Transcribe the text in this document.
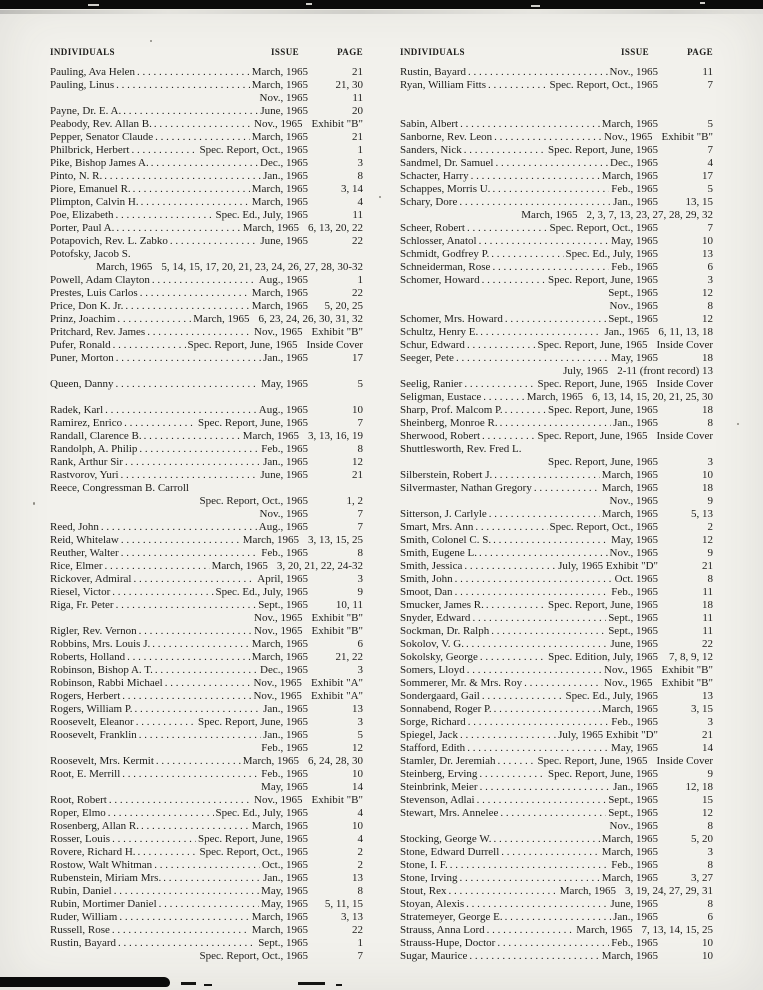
INDIVIDUALS	ISSUE	PAGE
Pauling, Ava Helen . . .	March, 1965	21
Pauling, Linus . . .	March, 1965	21, 30
Nov., 1965	11
Payne, Dr. E. A. . . .	June, 1965	20
Peabody, Rev. Allan B. . . .	Nov., 1965 Exhibit "B"
Pepper, Senator Claude . . .	March, 1965	21
Philbrick, Herbert . . .	Spec. Report, Oct., 1965	1
Pike, Bishop James A. . . .	Dec., 1965	3
Pinto, N. R. . . .	Jan., 1965	8
Piore, Emanuel R. . . .	March, 1965	3, 14
Plimpton, Calvin H. . . .	March, 1965	4
Poe, Elizabeth . . .	Spec. Ed., July, 1965	11
Porter, Paul A. . . .	March, 1965 6, 13, 20, 22
Potapovich, Rev. L. Zabko . . .	June, 1965	22
Potofsky, Jacob S.
March, 1965 5, 14, 15, 17, 20, 21, 23, 24, 26, 27, 28, 30-32
Powell, Adam Clayton . . .	Aug., 1965	1
Prestes, Luis Carlos . . .	March, 1965	22
Price, Don K. Jr. . . .	March, 1965	5, 20, 25
Prinz, Joachim . . .	March, 1965 6, 23, 24, 26, 30, 31, 32
Pritchard, Rev. James . . .	Nov., 1965 Exhibit "B"
Pufer, Ronald . . .	Spec. Report, June, 1965 Inside Cover
Puner, Morton . . .	Jan., 1965	17
Queen, Danny . . .	May, 1965	5
Radek, Karl . . .	Aug., 1965	10
Ramirez, Enrico . . .	Spec. Report, June, 1965	7
Randall, Clarence B. . . .	March, 1965 3, 13, 16, 19
Randolph, A. Philip . . .	Feb., 1965	8
Rank, Arthur Sir . . .	Jan., 1965	12
Rastvorov, Yuri . . .	June, 1965	21
Reece, Congressman B. Carroll
Spec. Report, Oct., 1965	1, 2
Nov., 1965	7
Reed, John . . .	Aug., 1965	7
Reid, Whitelaw . . .	March, 1965 3, 13, 15, 25
Reuther, Walter . . .	Feb., 1965	8
Rice, Elmer . . .	March, 1965 3, 20, 21, 22, 24-32
Rickover, Admiral . . .	April, 1965	3
Riesel, Victor . . .	Spec. Ed., July, 1965	9
Riga, Fr. Peter . . .	Sept., 1965	10, 11
Nov., 1965 Exhibit "B"
Rigler, Rev. Vernon . . .	Nov., 1965 Exhibit "B"
Robbins, Mrs. Louis J. . . .	March, 1965	6
Roberts, Holland . . .	March, 1965	21, 22
Robinson, Bishop A. T. . . .	Dec., 1965	3
Robinson, Rabbi Michael . . .	Nov., 1965 Exhibit "A"
Rogers, Herbert . . .	Nov., 1965 Exhibit "A"
Rogers, William P. . . .	Jan., 1965	13
Roosevelt, Eleanor . . .	Spec. Report, June, 1965	3
Roosevelt, Franklin . . .	Jan., 1965	5
Feb., 1965	12
Roosevelt, Mrs. Kermit . . .	March, 1965 6, 24, 28, 30
Root, E. Merrill . . .	Feb., 1965	10
May, 1965	14
Root, Robert . . .	Nov., 1965 Exhibit "B"
Roper, Elmo . . .	Spec. Ed., July, 1965	4
Rosenberg, Allan R. . . .	March, 1965	10
Rosser, Louis . . .	Spec. Report, June, 1965	4
Rovere, Richard H. . . .	Spec. Report, Oct., 1965	2
Rostow, Walt Whitman . . .	Oct., 1965	2
Rubenstein, Miriam Mrs. . . .	Jan., 1965	13
Rubin, Daniel . . .	May, 1965	8
Rubin, Mortimer Daniel . . .	May, 1965	5, 11, 15
Ruder, William . . .	March, 1965	3, 13
Russell, Rose . . .	March, 1965	22
Rustin, Bayard . . .	Sept., 1965	1
Spec. Report, Oct., 1965	7
INDIVIDUALS	ISSUE	PAGE
Rustin, Bayard . . .	Nov., 1965	11
Ryan, William Fitts . . .	Spec. Report, Oct., 1965	7
Sabin, Albert . . .	March, 1965	5
Sanborne, Rev. Leon . . .	Nov., 1965 Exhibit "B"
Sanders, Nick . . .	Spec. Report, June, 1965	7
Sandmel, Dr. Samuel . . .	Dec., 1965	4
Schacter, Harry . . .	March, 1965	17
Schappes, Morris U. . . .	Feb., 1965	5
Schary, Dore . . .	Jan., 1965	13, 15
March, 1965 2, 3, 7, 13, 23, 27, 28, 29, 32
Scheer, Robert . . .	Spec. Report, Oct., 1965	7
Schlosser, Anatol . . .	May, 1965	10
Schmidt, Godfrey P. . . .	Spec. Ed., July, 1965	13
Schneiderman, Rose . . .	Feb., 1965	6
Schomer, Howard . . .	Spec. Report, June, 1965	3
Sept., 1965	12
Nov., 1965	8
Schomer, Mrs. Howard . . .	Sept., 1965	12
Schultz, Henry E. . . .	Jan., 1965 6, 11, 13, 18
Schur, Edward . . .	Spec. Report, June, 1965 Inside Cover
Seeger, Pete . . .	May, 1965	18
July, 1965 2-11 (front record) 13
Seelig, Ranier . . .	Spec. Report, June, 1965 Inside Cover
Seligman, Eustace . . .	March, 1965 6, 13, 14, 15, 20, 21, 25, 30
Sharp, Prof. Malcom P. . . .	Spec. Report, June, 1965	18
Sheinberg, Monroe R. . . .	Jan., 1965	8
Sherwood, Robert . . .	Spec. Report, June, 1965 Inside Cover
Shuttlesworth, Rev. Fred L.
Spec. Report, June, 1965	3
Silberstein, Robert J. . . .	March, 1965	10
Silvermaster, Nathan Gregory . . .	March, 1965	18
Nov., 1965	9
Sitterson, J. Carlyle . . .	March, 1965	5, 13
Smart, Mrs. Ann . . .	Spec. Report, Oct., 1965	2
Smith, Colonel C. S. . . .	May, 1965	12
Smith, Eugene L. . . .	Nov., 1965	9
Smith, Jessica . . .	July, 1965 Exhibit "D"	21
Smith, John . . .	Oct. 1965	8
Smoot, Dan . . .	Feb., 1965	11
Smucker, James R. . . .	Spec. Report, June, 1965	18
Snyder, Edward . . .	Sept., 1965	11
Sockman, Dr. Ralph . . .	Sept., 1965	11
Sokolov, V. G. . . .	June, 1965	22
Sokolsky, George . . .	Spec. Edition, July, 1965 7, 8, 9, 12
Somers, Lloyd . . .	Nov., 1965 Exhibit "B"
Sommerer, Mr. & Mrs. Roy . . .	Nov., 1965 Exhibit "B"
Sondergaard, Gail . . .	Spec. Ed., July, 1965	13
Sonnabend, Roger P. . . .	March, 1965	3, 15
Sorge, Richard . . .	Feb., 1965	3
Spiegel, Jack . . .	July, 1965 Exhibit "D"	21
Stafford, Edith . . .	May, 1965	14
Stamler, Dr. Jeremiah . . .	Spec. Report, June, 1965 Inside Cover
Steinberg, Erving . . .	Spec. Report, June, 1965	9
Steinbrink, Meier . . .	Jan., 1965	12, 18
Stevenson, Adlai . . .	Sept., 1965	15
Stewart, Mrs. Annelee . . .	Sept., 1965	12
Nov., 1965	8
Stocking, George W. . . .	March, 1965	5, 20
Stone, Edward Durrell . . .	March, 1965	3
Stone, I. F. . . .	Feb., 1965	8
Stone, Irving . . .	March, 1965	3, 27
Stout, Rex . . .	March, 1965 3, 19, 24, 27, 29, 31
Stoyan, Alexis . . .	June, 1965	8
Stratemeyer, George E. . . .	Jan., 1965	6
Strauss, Anna Lord . . .	March, 1965 7, 13, 14, 15, 25
Strauss-Hupe, Doctor . . .	Feb., 1965	10
Sugar, Maurice . . .	March, 1965	10
